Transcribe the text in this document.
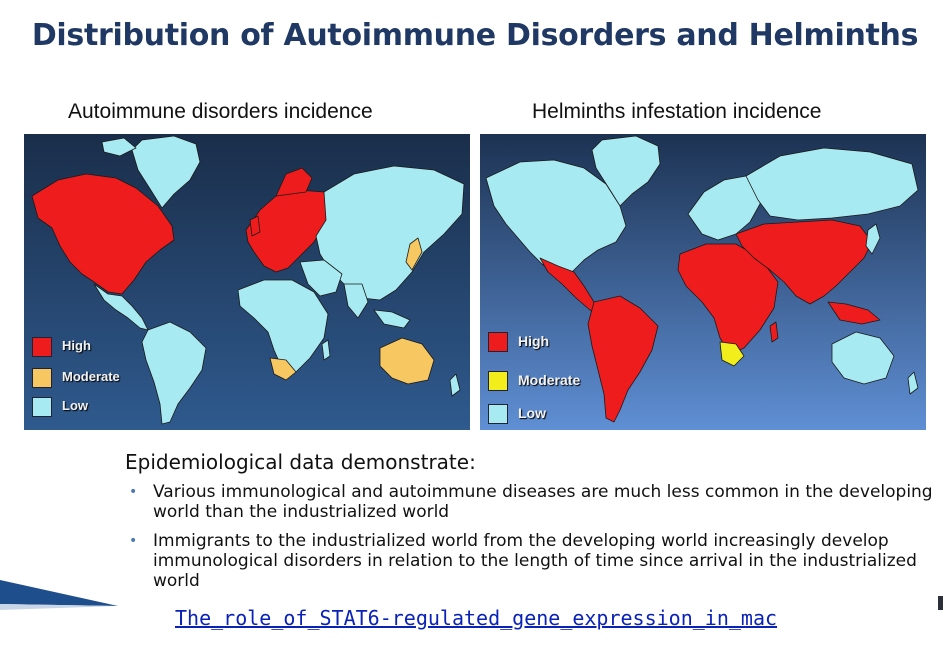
Distribution of Autoimmune Disorders and Helminths
Autoimmune disorders incidence
High
Moderate
Low
Helminths infestation incidence
High
Moderate
Low
Epidemiological data demonstrate:
• Various immunological and autoimmune diseases are much less common in the developing world than the industrialized world
• Immigrants to the industrialized world from the developing world increasingly develop immunological disorders in relation to the length of time since arrival in the industrialized world
The_role_of_STAT6-regulated_gene_expression_in_mac
